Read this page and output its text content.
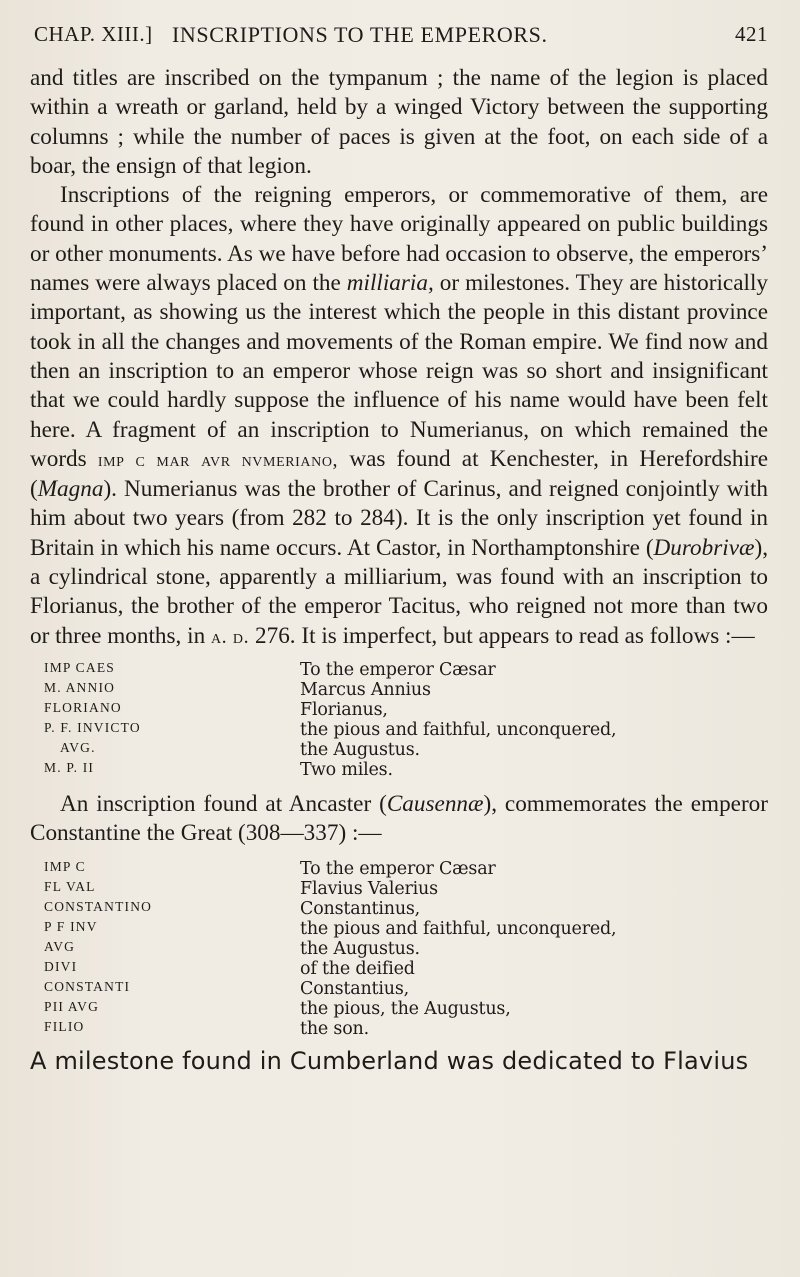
CHAP. XIII.] INSCRIPTIONS TO THE EMPERORS.	421

and titles are inscribed on the tympanum ; the name of the legion is placed within a wreath or garland, held by a winged Victory between the supporting columns ; while the number of paces is given at the foot, on each side of a boar, the ensign of that legion.

Inscriptions of the reigning emperors, or commemorative of them, are found in other places, where they have originally appeared on public buildings or other monuments. As we have before had occasion to observe, the emperors’ names were always placed on the milliaria, or milestones. They are historically important, as showing us the interest which the people in this distant province took in all the changes and movements of the Roman empire. We find now and then an inscription to an emperor whose reign was so short and insignificant that we could hardly suppose the influence of his name would have been felt here. A fragment of an inscription to Numerianus, on which remained the words imp c mar avr nvmeriano, was found at Kenchester, in Herefordshire (Magna). Numerianus was the brother of Carinus, and reigned conjointly with him about two years (from 282 to 284). It is the only inscription yet found in Britain in which his name occurs. At Castor, in Northamptonshire (Durobrivæ), a cylindrical stone, apparently a milliarium, was found with an inscription to Florianus, the brother of the emperor Tacitus, who reigned not more than two or three months, in a. d. 276. It is imperfect, but appears to read as follows :—

IMP CAES	To the emperor Cæsar
M. ANNIO	Marcus Annius
FLORIANO	Florianus,
P. F. INVICTO	the pious and faithful, unconquered,
AVG.	the Augustus.
M. P. II	Two miles.

An inscription found at Ancaster (Causennæ), commemorates the emperor Constantine the Great (308—337) :—

IMP C	To the emperor Cæsar
FL VAL	Flavius Valerius
CONSTANTINO	Constantinus,
P F INV	the pious and faithful, unconquered,
AVG	the Augustus.
DIVI	of the deified
CONSTANTI	Constantius,
PII AVG	the pious, the Augustus,
FILIO	the son.

A milestone found in Cumberland was dedicated to Flavius
